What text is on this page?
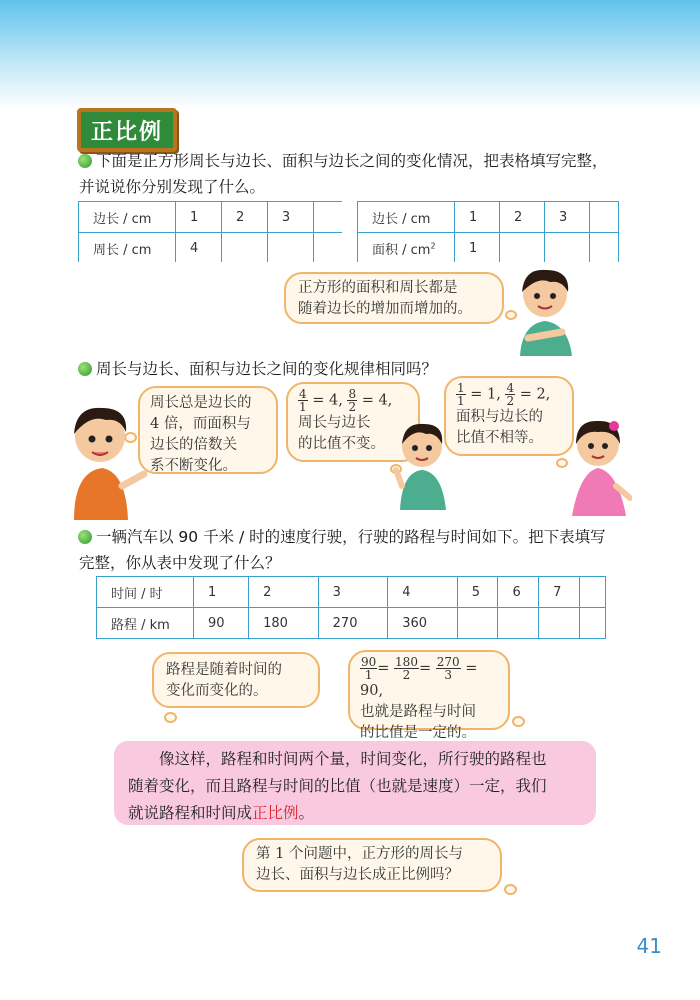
正比例
下面是正方形周长与边长、面积与边长之间的变化情况，把表格填写完整，
并说说你分别发现了什么。
边长 / cm	1	2	3	
周长 / cm	4			
边长 / cm	1	2	3	
面积 / $cm^2$	1			
正方形的面积和周长都是
随着边长的增加而增加的。
周长与边长、面积与边长之间的变化规律相同吗？
周长总是边长的
4 倍，而面积与
边长的倍数关
系不断变化。
$\frac{4}{1} = 4$, $\frac{8}{2} = 4$,
周长与边长
的比值不变。
$\frac{1}{1} = 1$, $\frac{4}{2} = 2$,
面积与边长的
比值不相等。
一辆汽车以 90 千米 / 时的速度行驶，行驶的路程与时间如下。把下表填写
完整，你从表中发现了什么？
时间 / 时	1	2	3	4	5	6	7	
路程 / km	90	180	270	360				
路程是随着时间的
变化而变化的。
$\frac{90}{1} = \frac{180}{2} = \frac{270}{3} = 90$,
也就是路程与时间
的比值是一定的。
像这样，路程和时间两个量，时间变化，所行驶的路程也
随着变化，而且路程与时间的比值（也就是速度）一定，我们
就说路程和时间成正比例。
第 1 个问题中，正方形的周长与
边长、面积与边长成正比例吗？
41
